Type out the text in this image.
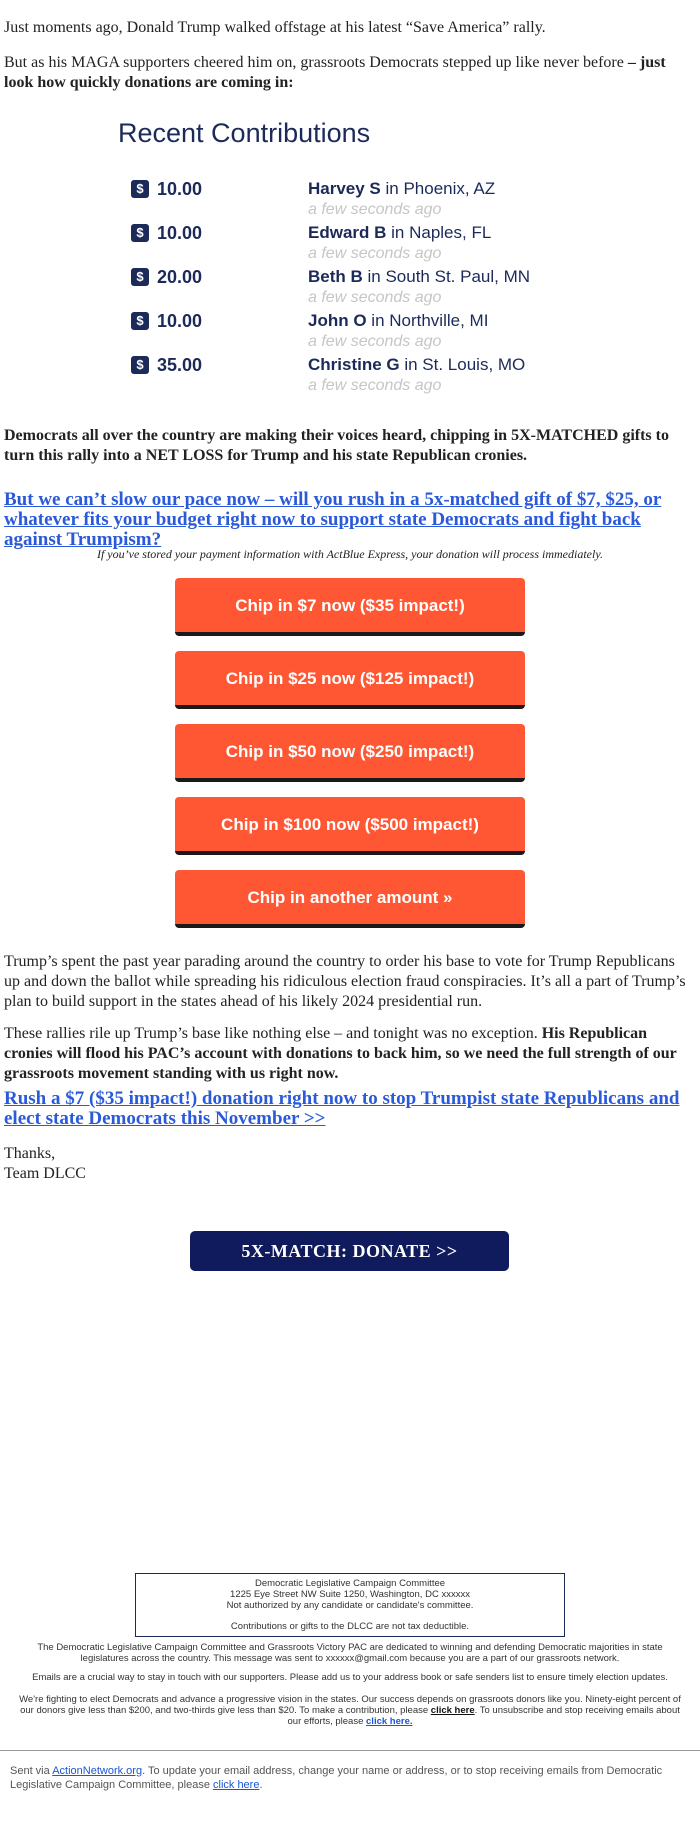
Just moments ago, Donald Trump walked offstage at his latest “Save America” rally.

But as his MAGA supporters cheered him on, grassroots Democrats stepped up like never before – just look how quickly donations are coming in:

Recent Contributions
$ 10.00	Harvey S in Phoenix, AZ
a few seconds ago
$ 10.00	Edward B in Naples, FL
a few seconds ago
$ 20.00	Beth B in South St. Paul, MN
a few seconds ago
$ 10.00	John O in Northville, MI
a few seconds ago
$ 35.00	Christine G in St. Louis, MO
a few seconds ago

Democrats all over the country are making their voices heard, chipping in 5X-MATCHED gifts to turn this rally into a NET LOSS for Trump and his state Republican cronies.

But we can’t slow our pace now – will you rush in a 5x-matched gift of $7, $25, or whatever fits your budget right now to support state Democrats and fight back against Trumpism?

If you’ve stored your payment information with ActBlue Express, your donation will process immediately.

Chip in $7 now ($35 impact!)
Chip in $25 now ($125 impact!)
Chip in $50 now ($250 impact!)
Chip in $100 now ($500 impact!)
Chip in another amount »

Trump’s spent the past year parading around the country to order his base to vote for Trump Republicans up and down the ballot while spreading his ridiculous election fraud conspiracies. It’s all a part of Trump’s plan to build support in the states ahead of his likely 2024 presidential run.

These rallies rile up Trump’s base like nothing else – and tonight was no exception. His Republican cronies will flood his PAC’s account with donations to back him, so we need the full strength of our grassroots movement standing with us right now.

Rush a $7 ($35 impact!) donation right now to stop Trumpist state Republicans and elect state Democrats this November >>

Thanks,

Team DLCC

5X-MATCH: DONATE >>
Democratic Legislative Campaign Committee
1225 Eye Street NW Suite 1250, Washington, DC xxxxxx
Not authorized by any candidate or candidate's committee.
Contributions or gifts to the DLCC are not tax deductible.

The Democratic Legislative Campaign Committee and Grassroots Victory PAC are dedicated to winning and defending Democratic majorities in state legislatures across the country. This message was sent to xxxxxx@gmail.com because you are a part of our grassroots network.

Emails are a crucial way to stay in touch with our supporters. Please add us to your address book or safe senders list to ensure timely election updates.

We're fighting to elect Democrats and advance a progressive vision in the states. Our success depends on grassroots donors like you. Ninety-eight percent of our donors give less than $200, and two-thirds give less than $20. To make a contribution, please click here. To unsubscribe and stop receiving emails about our efforts, please click here.

Sent via ActionNetwork.org. To update your email address, change your name or address, or to stop receiving emails from Democratic Legislative Campaign Committee, please click here.
